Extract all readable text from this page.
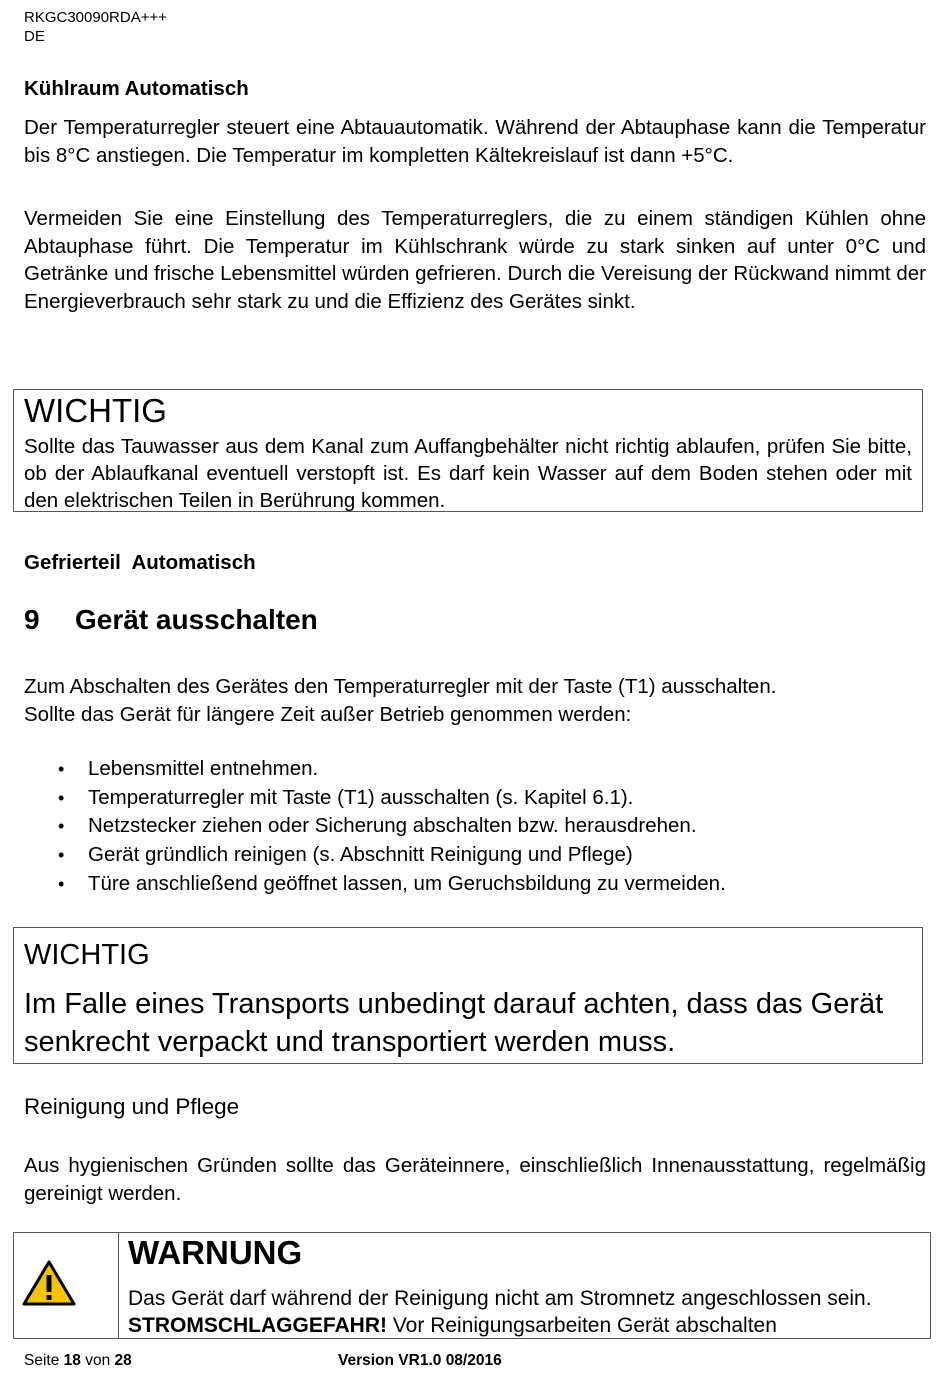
RKGC30090RDA+++
DE
Kühlraum Automatisch
Der Temperaturregler steuert eine Abtauautomatik. Während der Abtauphase kann die Temperatur bis 8°C anstiegen. Die Temperatur im kompletten Kältekreislauf ist dann +5°C.
Vermeiden Sie eine Einstellung des Temperaturreglers, die zu einem ständigen Kühlen ohne Abtauphase führt. Die Temperatur im Kühlschrank würde zu stark sinken auf unter 0°C und Getränke und frische Lebensmittel würden gefrieren. Durch die Vereisung der Rückwand nimmt der Energieverbrauch sehr stark zu und die Effizienz des Gerätes sinkt.
WICHTIG
Sollte das Tauwasser aus dem Kanal zum Auffangbehälter nicht richtig ablaufen, prüfen Sie bitte, ob der Ablaufkanal eventuell verstopft ist. Es darf kein Wasser auf dem Boden stehen oder mit den elektrischen Teilen in Berührung kommen.
Gefrierteil  Automatisch
9 Gerät ausschalten
Zum Abschalten des Gerätes den Temperaturregler mit der Taste (T1) ausschalten.
Sollte das Gerät für längere Zeit außer Betrieb genommen werden:
• Lebensmittel entnehmen.
• Temperaturregler mit Taste (T1) ausschalten (s. Kapitel 6.1).
• Netzstecker ziehen oder Sicherung abschalten bzw. herausdrehen.
• Gerät gründlich reinigen (s. Abschnitt Reinigung und Pflege)
• Türe anschließend geöffnet lassen, um Geruchsbildung zu vermeiden.
WICHTIG
Im Falle eines Transports unbedingt darauf achten, dass das Gerät senkrecht verpackt und transportiert werden muss.
Reinigung und Pflege
Aus hygienischen Gründen sollte das Geräteinnere, einschließlich Innenausstattung, regelmäßig gereinigt werden.
WARNUNG
Das Gerät darf während der Reinigung nicht am Stromnetz angeschlossen sein. STROMSCHLAGGEFAHR! Vor Reinigungsarbeiten Gerät abschalten
Seite 18 von 28	Version VR1.0 08/2016
